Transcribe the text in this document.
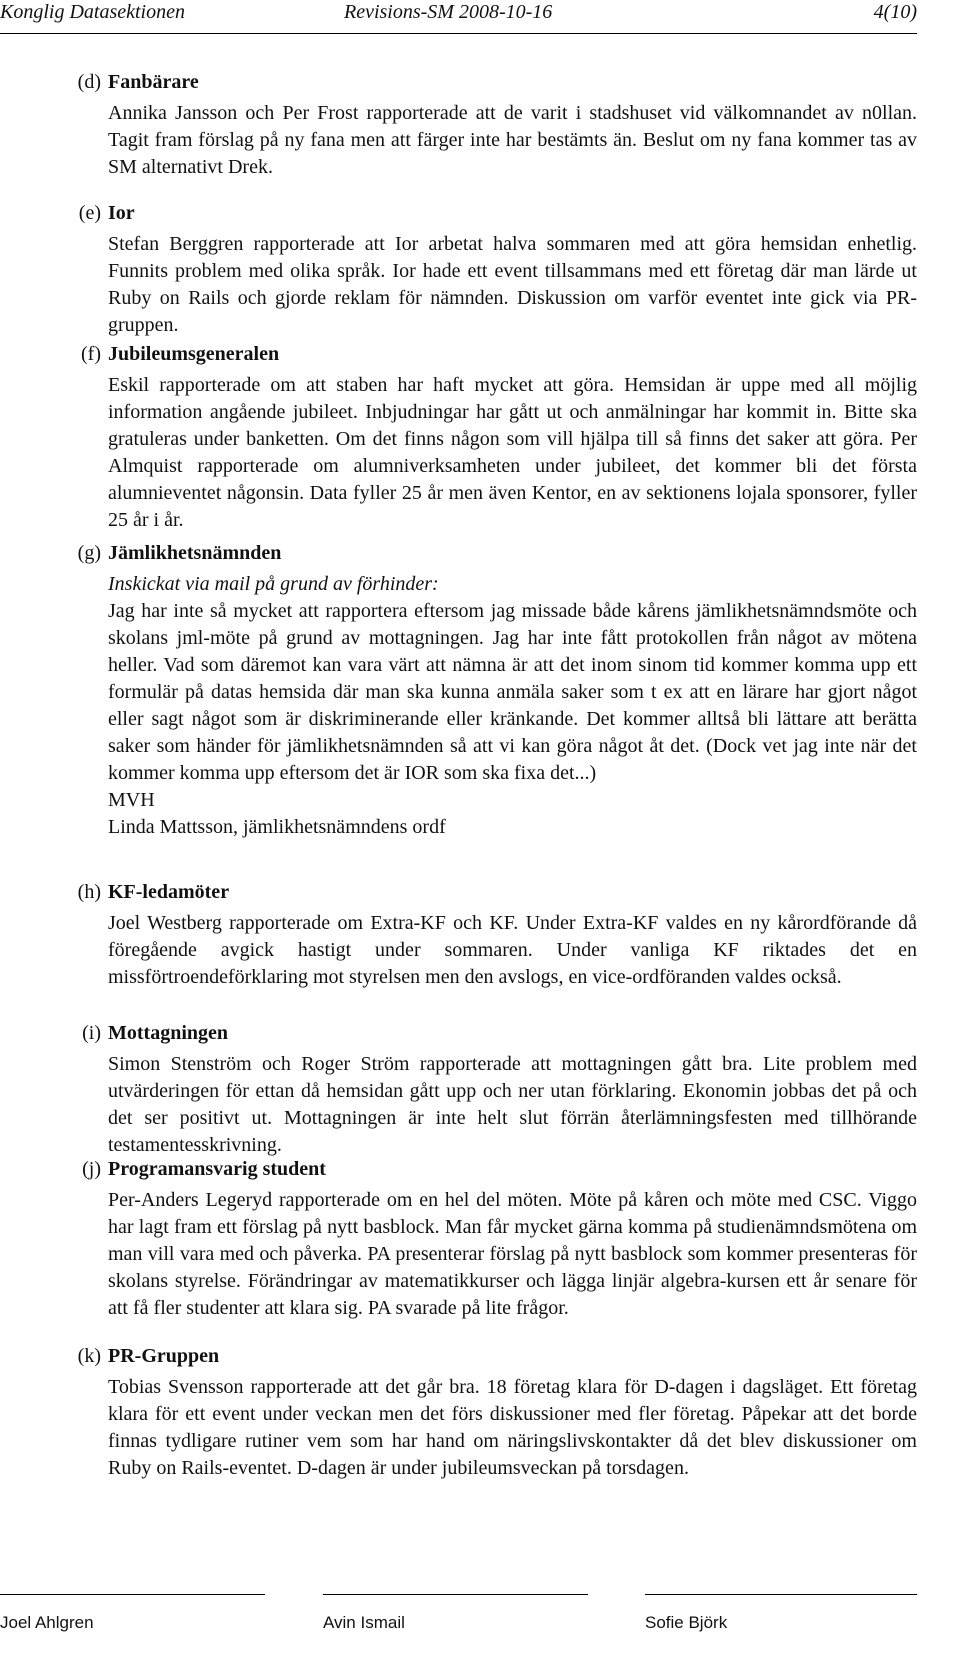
Konglig Datasektionen	Revisions-SM 2008-10-16	4(10)
(d) Fanbärare

Annika Jansson och Per Frost rapporterade att de varit i stadshuset vid välkomnandet av n0llan. Tagit fram förslag på ny fana men att färger inte har bestämts än. Beslut om ny fana kommer tas av SM alternativt Drek.

(e) Ior

Stefan Berggren rapporterade att Ior arbetat halva sommaren med att göra hemsidan enhetlig. Funnits problem med olika språk. Ior hade ett event tillsammans med ett företag där man lärde ut Ruby on Rails och gjorde reklam för nämnden. Diskussion om varför eventet inte gick via PR-gruppen.

(f) Jubileumsgeneralen

Eskil rapporterade om att staben har haft mycket att göra. Hemsidan är uppe med all möjlig information angående jubileet. Inbjudningar har gått ut och anmälningar har kommit in. Bitte ska gratuleras under banketten. Om det finns någon som vill hjälpa till så finns det saker att göra. Per Almquist rapporterade om alumniverksamheten under jubileet, det kommer bli det första alumnieventet någonsin. Data fyller 25 år men även Kentor, en av sektionens lojala sponsorer, fyller 25 år i år.

(g) Jämlikhetsnämnden

Inskickat via mail på grund av förhinder:

Jag har inte så mycket att rapportera eftersom jag missade både kårens jämlikhetsnämndsmöte och skolans jml-möte på grund av mottagningen. Jag har inte fått protokollen från något av mötena heller. Vad som däremot kan vara värt att nämna är att det inom sinom tid kommer komma upp ett formulär på datas hemsida där man ska kunna anmäla saker som t ex att en lärare har gjort något eller sagt något som är diskriminerande eller kränkande. Det kommer alltså bli lättare att berätta saker som händer för jämlikhetsnämnden så att vi kan göra något åt det. (Dock vet jag inte när det kommer komma upp eftersom det är IOR som ska fixa det...)

MVH

Linda Mattsson, jämlikhetsnämndens ordf

(h) KF-ledamöter

Joel Westberg rapporterade om Extra-KF och KF. Under Extra-KF valdes en ny kårordförande då föregående avgick hastigt under sommaren. Under vanliga KF riktades det en missförtroendeförklaring mot styrelsen men den avslogs, en vice-ordföranden valdes också.

(i) Mottagningen

Simon Stenström och Roger Ström rapporterade att mottagningen gått bra. Lite problem med utvärderingen för ettan då hemsidan gått upp och ner utan förklaring. Ekonomin jobbas det på och det ser positivt ut. Mottagningen är inte helt slut förrän återlämningsfesten med tillhörande testamentesskrivning.

(j) Programansvarig student

Per-Anders Legeryd rapporterade om en hel del möten. Möte på kåren och möte med CSC. Viggo har lagt fram ett förslag på nytt basblock. Man får mycket gärna komma på studienämndsmötena om man vill vara med och påverka. PA presenterar förslag på nytt basblock som kommer presenteras för skolans styrelse. Förändringar av matematikkurser och lägga linjär algebra-kursen ett år senare för att få fler studenter att klara sig. PA svarade på lite frågor.

(k) PR-Gruppen

Tobias Svensson rapporterade att det går bra. 18 företag klara för D-dagen i dagsläget. Ett företag klara för ett event under veckan men det förs diskussioner med fler företag. Påpekar att det borde finnas tydligare rutiner vem som har hand om näringslivskontakter då det blev diskussioner om Ruby on Rails-eventet. D-dagen är under jubileumsveckan på torsdagen.

Joel Ahlgren	Avin Ismail	Sofie Björk
